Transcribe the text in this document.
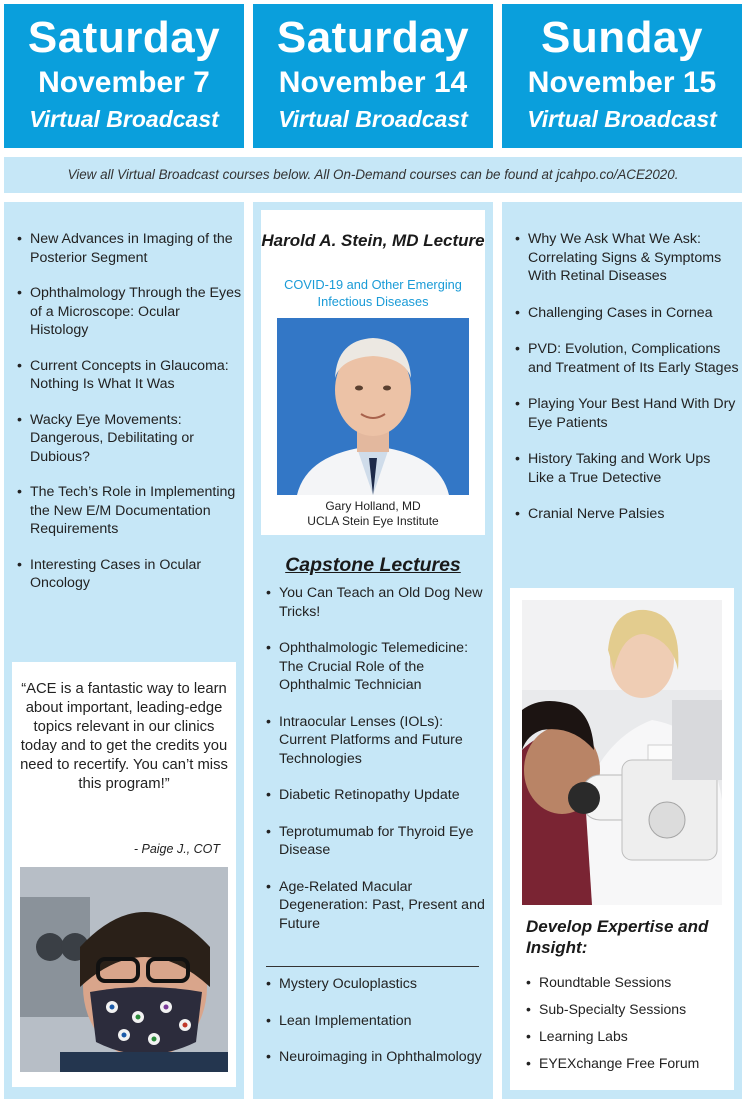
Saturday
November 7
Virtual Broadcast
Saturday
November 14
Virtual Broadcast
Sunday
November 15
Virtual Broadcast
View all Virtual Broadcast courses below. All On-Demand courses can be found at jcahpo.co/ACE2020.
• New Advances in Imaging of the Posterior Segment
• Ophthalmology Through the Eyes of a Microscope: Ocular Histology
• Current Concepts in Glaucoma: Nothing Is What It Was
• Wacky Eye Movements: Dangerous, Debilitating or Dubious?
• The Tech’s Role in Implementing the New E/M Documentation Requirements
• Interesting Cases in Ocular Oncology
“ACE is a fantastic way to learn about important, leading-edge topics relevant in our clinics today and to get the credits you need to recertify. You can’t miss this program!”
- Paige J., COT
Harold A. Stein, MD Lecture
COVID-19 and Other Emerging Infectious Diseases
Gary Holland, MD
UCLA Stein Eye Institute
Capstone Lectures
• You Can Teach an Old Dog New Tricks!
• Ophthalmologic Telemedicine: The Crucial Role of the Ophthalmic Technician
• Intraocular Lenses (IOLs): Current Platforms and Future Technologies
• Diabetic Retinopathy Update
• Teprotumumab for Thyroid Eye Disease
• Age-Related Macular Degeneration: Past, Present and Future
• Mystery Oculoplastics
• Lean Implementation
• Neuroimaging in Ophthalmology
• Why We Ask What We Ask: Correlating Signs & Symptoms With Retinal Diseases
• Challenging Cases in Cornea
• PVD: Evolution, Complications and Treatment of Its Early Stages
• Playing Your Best Hand With Dry Eye Patients
• History Taking and Work Ups Like a True Detective
• Cranial Nerve Palsies
Develop Expertise and Insight:
• Roundtable Sessions
• Sub-Specialty Sessions
• Learning Labs
• EYEXchange Free Forum
